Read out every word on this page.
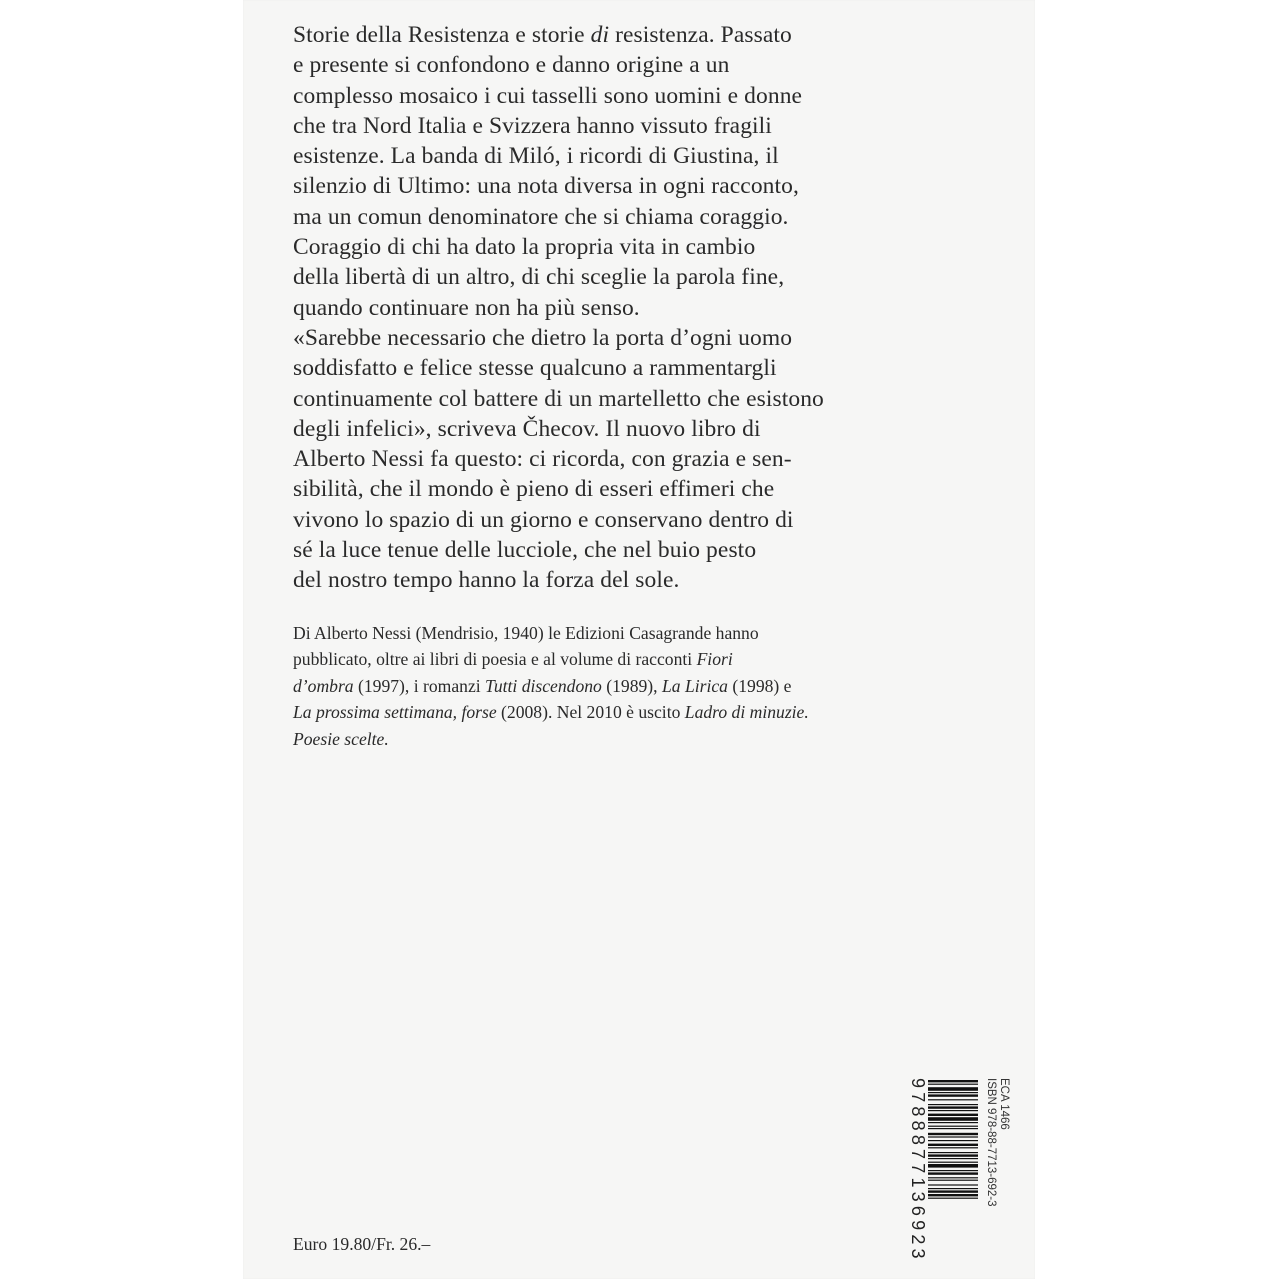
Storie della Resistenza e storie di resistenza. Passato

e presente si confondono e danno origine a un

complesso mosaico i cui tasselli sono uomini e donne

che tra Nord Italia e Svizzera hanno vissuto fragili

esistenze. La banda di Miló, i ricordi di Giustina, il

silenzio di Ultimo: una nota diversa in ogni racconto,

ma un comun denominatore che si chiama coraggio.

Coraggio di chi ha dato la propria vita in cambio

della libertà di un altro, di chi sceglie la parola fine,

quando continuare non ha più senso.

«Sarebbe necessario che dietro la porta d’ogni uomo

soddisfatto e felice stesse qualcuno a rammentargli

continuamente col battere di un martelletto che esistono

degli infelici», scriveva Čhecov. Il nuovo libro di

Alberto Nessi fa questo: ci ricorda, con grazia e sen-

sibilità, che il mondo è pieno di esseri effimeri che

vivono lo spazio di un giorno e conservano dentro di

sé la luce tenue delle lucciole, che nel buio pesto

del nostro tempo hanno la forza del sole.

Di Alberto Nessi (Mendrisio, 1940) le Edizioni Casagrande hanno

pubblicato, oltre ai libri di poesia e al volume di racconti Fiori

d’ombra (1997), i romanzi Tutti discendono (1989), La Lirica (1998) e

La prossima settimana, forse (2008). Nel 2010 è uscito Ladro di minuzie.

Poesie scelte.

Euro 19.80/Fr. 26.–
ECA 1466
ISBN 978-88-7713-692-3
9788877136923
